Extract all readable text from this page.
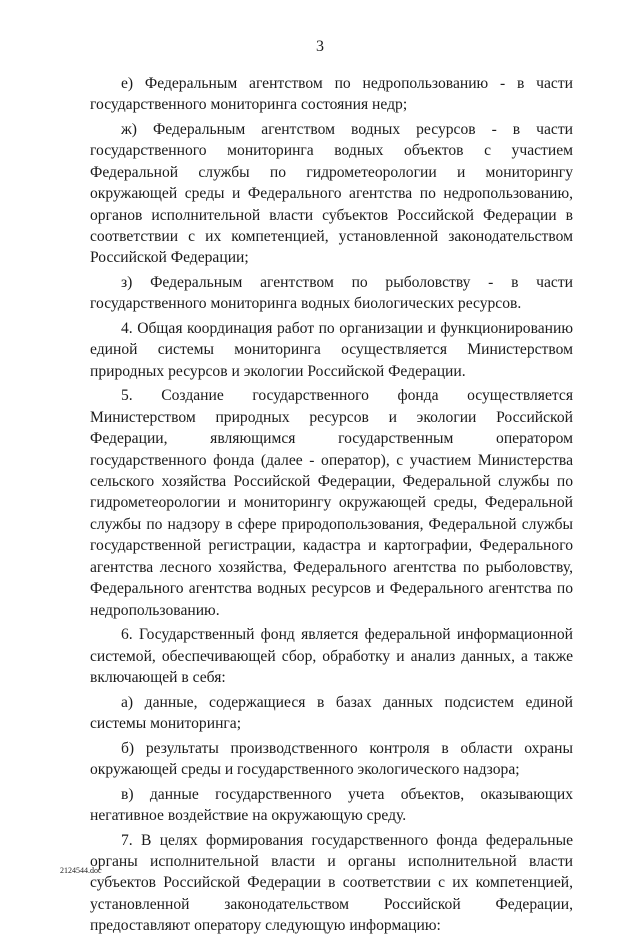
3

е) Федеральным агентством по недропользованию - в части государственного мониторинга состояния недр;

ж) Федеральным агентством водных ресурсов - в части государственного мониторинга водных объектов с участием Федеральной службы по гидрометеорологии и мониторингу окружающей среды и Федерального агентства по недропользованию, органов исполнительной власти субъектов Российской Федерации в соответствии с их компетенцией, установленной законодательством Российской Федерации;

з) Федеральным агентством по рыболовству - в части государственного мониторинга водных биологических ресурсов.

4. Общая координация работ по организации и функционированию единой системы мониторинга осуществляется Министерством природных ресурсов и экологии Российской Федерации.

5. Создание государственного фонда осуществляется Министерством природных ресурсов и экологии Российской Федерации, являющимся государственным оператором государственного фонда (далее - оператор), с участием Министерства сельского хозяйства Российской Федерации, Федеральной службы по гидрометеорологии и мониторингу окружающей среды, Федеральной службы по надзору в сфере природопользования, Федеральной службы государственной регистрации, кадастра и картографии, Федерального агентства лесного хозяйства, Федерального агентства по рыболовству, Федерального агентства водных ресурсов и Федерального агентства по недропользованию.

6. Государственный фонд является федеральной информационной системой, обеспечивающей сбор, обработку и анализ данных, а также включающей в себя:

а) данные, содержащиеся в базах данных подсистем единой системы мониторинга;

б) результаты производственного контроля в области охраны окружающей среды и государственного экологического надзора;

в) данные государственного учета объектов, оказывающих негативное воздействие на окружающую среду.

7. В целях формирования государственного фонда федеральные органы исполнительной власти и органы исполнительной власти субъектов Российской Федерации в соответствии с их компетенцией, установленной законодательством Российской Федерации, предоставляют оператору следующую информацию:

2124544.doc
